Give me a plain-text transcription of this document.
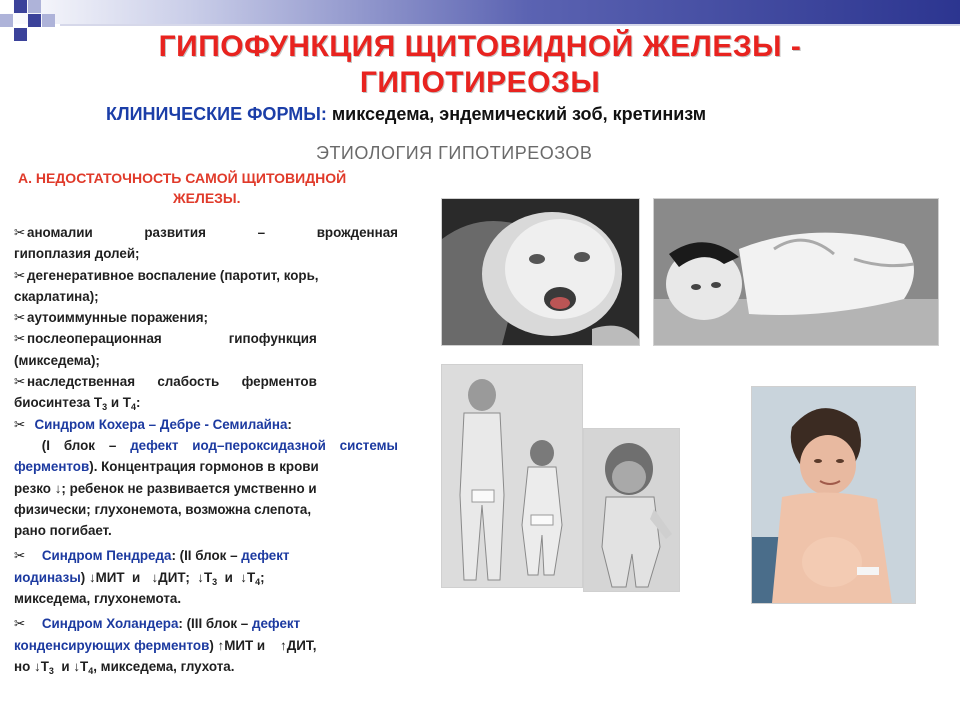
ГИПОФУНКЦИЯ ЩИТОВИДНОЙ ЖЕЛЕЗЫ -
ГИПОТИРЕОЗЫ
КЛИНИЧЕСКИЕ ФОРМЫ: микседема, эндемический зоб, кретинизм
ЭТИОЛОГИЯ ГИПОТИРЕОЗОВ
А. НЕДОСТАТОЧНОСТЬ САМОЙ ЩИТОВИДНОЙ
ЖЕЛЕЗЫ.
✂ аномалии развития – врожденная
гипоплазия долей;
✂ дегенеративное воспаление (паротит, корь,
скарлатина);
✂ аутоиммунные поражения;
✂ послеоперационная                  гипофункция
(микседема);
✂ наследственная      слабость      ферментов
биосинтеза $Т_3$ и $Т_4$:
✂ Синдром Кохера – Дебре - Семилайна:
(I блок – дефект иод–пероксидазной системы ферментов). Концентрация гормонов в крови
резко ↓; ребенок не развивается умственно и
физически; глухонемота, возможна слепота,
рано погибает.
✂ Синдром Пендреда: (II блок – дефект
иодиназы) ↓МИТ  и   ↓ДИТ;  $↓Т_3$  и  $↓Т_4$;
микседема, глухонемота.
✂ Синдром Холандера: (III блок – дефект
конденсирующих ферментов) ↑МИТ и    ↑ДИТ,
но $↓Т_3$  и $↓Т_4$, микседема, глухота.
